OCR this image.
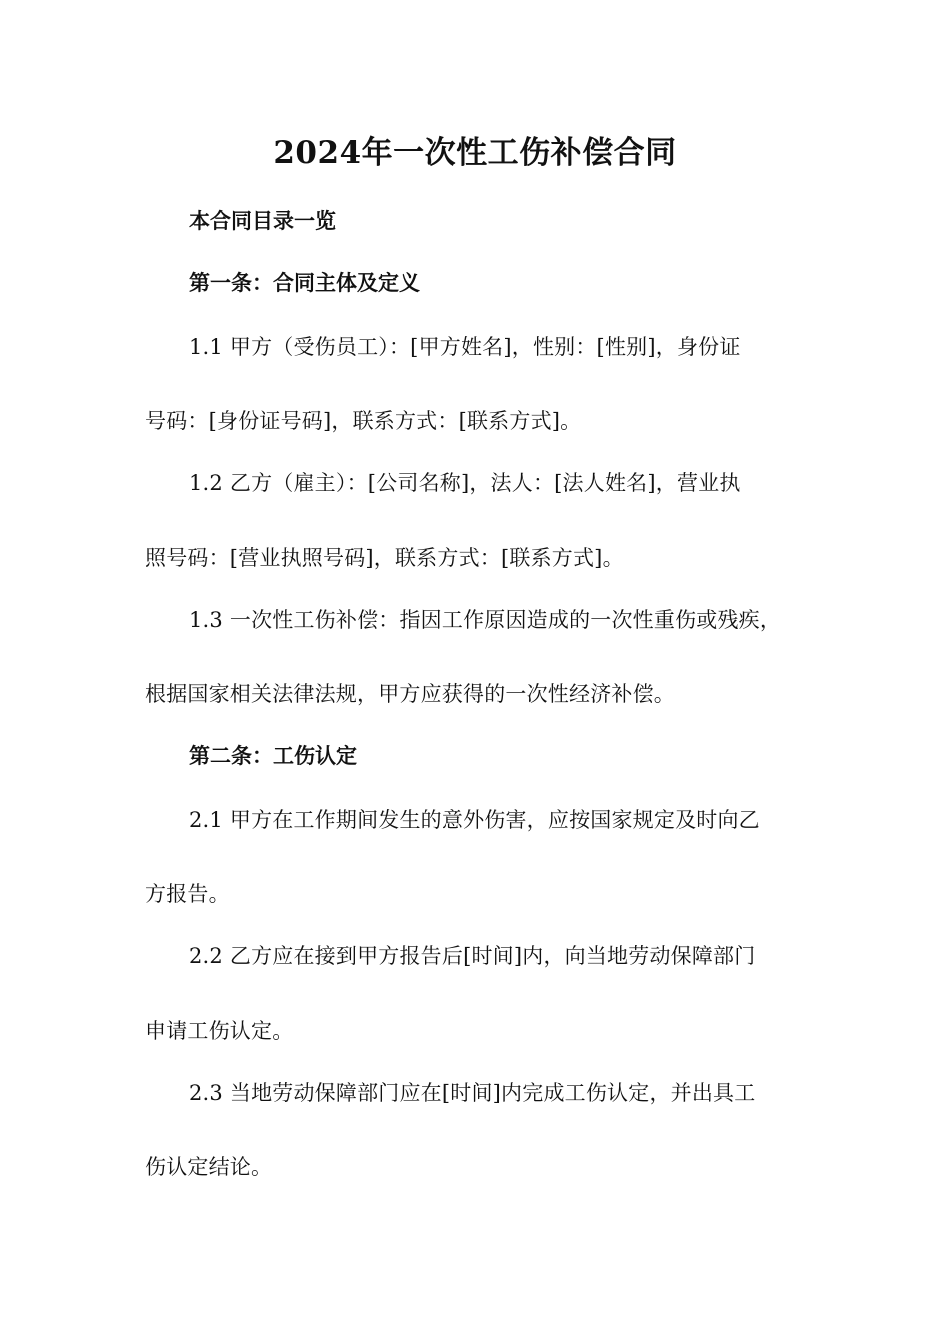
2024年一次性工伤补偿合同

本合同目录一览

第一条：合同主体及定义

1.1 甲方（受伤员工）：[甲方姓名]，性别：[性别]，身份证

号码：[身份证号码]，联系方式：[联系方式]。

1.2 乙方（雇主）：[公司名称]，法人：[法人姓名]，营业执

照号码：[营业执照号码]，联系方式：[联系方式]。

1.3 一次性工伤补偿：指因工作原因造成的一次性重伤或残疾，

根据国家相关法律法规，甲方应获得的一次性经济补偿。

第二条：工伤认定

2.1 甲方在工作期间发生的意外伤害，应按国家规定及时向乙

方报告。

2.2 乙方应在接到甲方报告后[时间]内，向当地劳动保障部门

申请工伤认定。

2.3 当地劳动保障部门应在[时间]内完成工伤认定，并出具工

伤认定结论。
